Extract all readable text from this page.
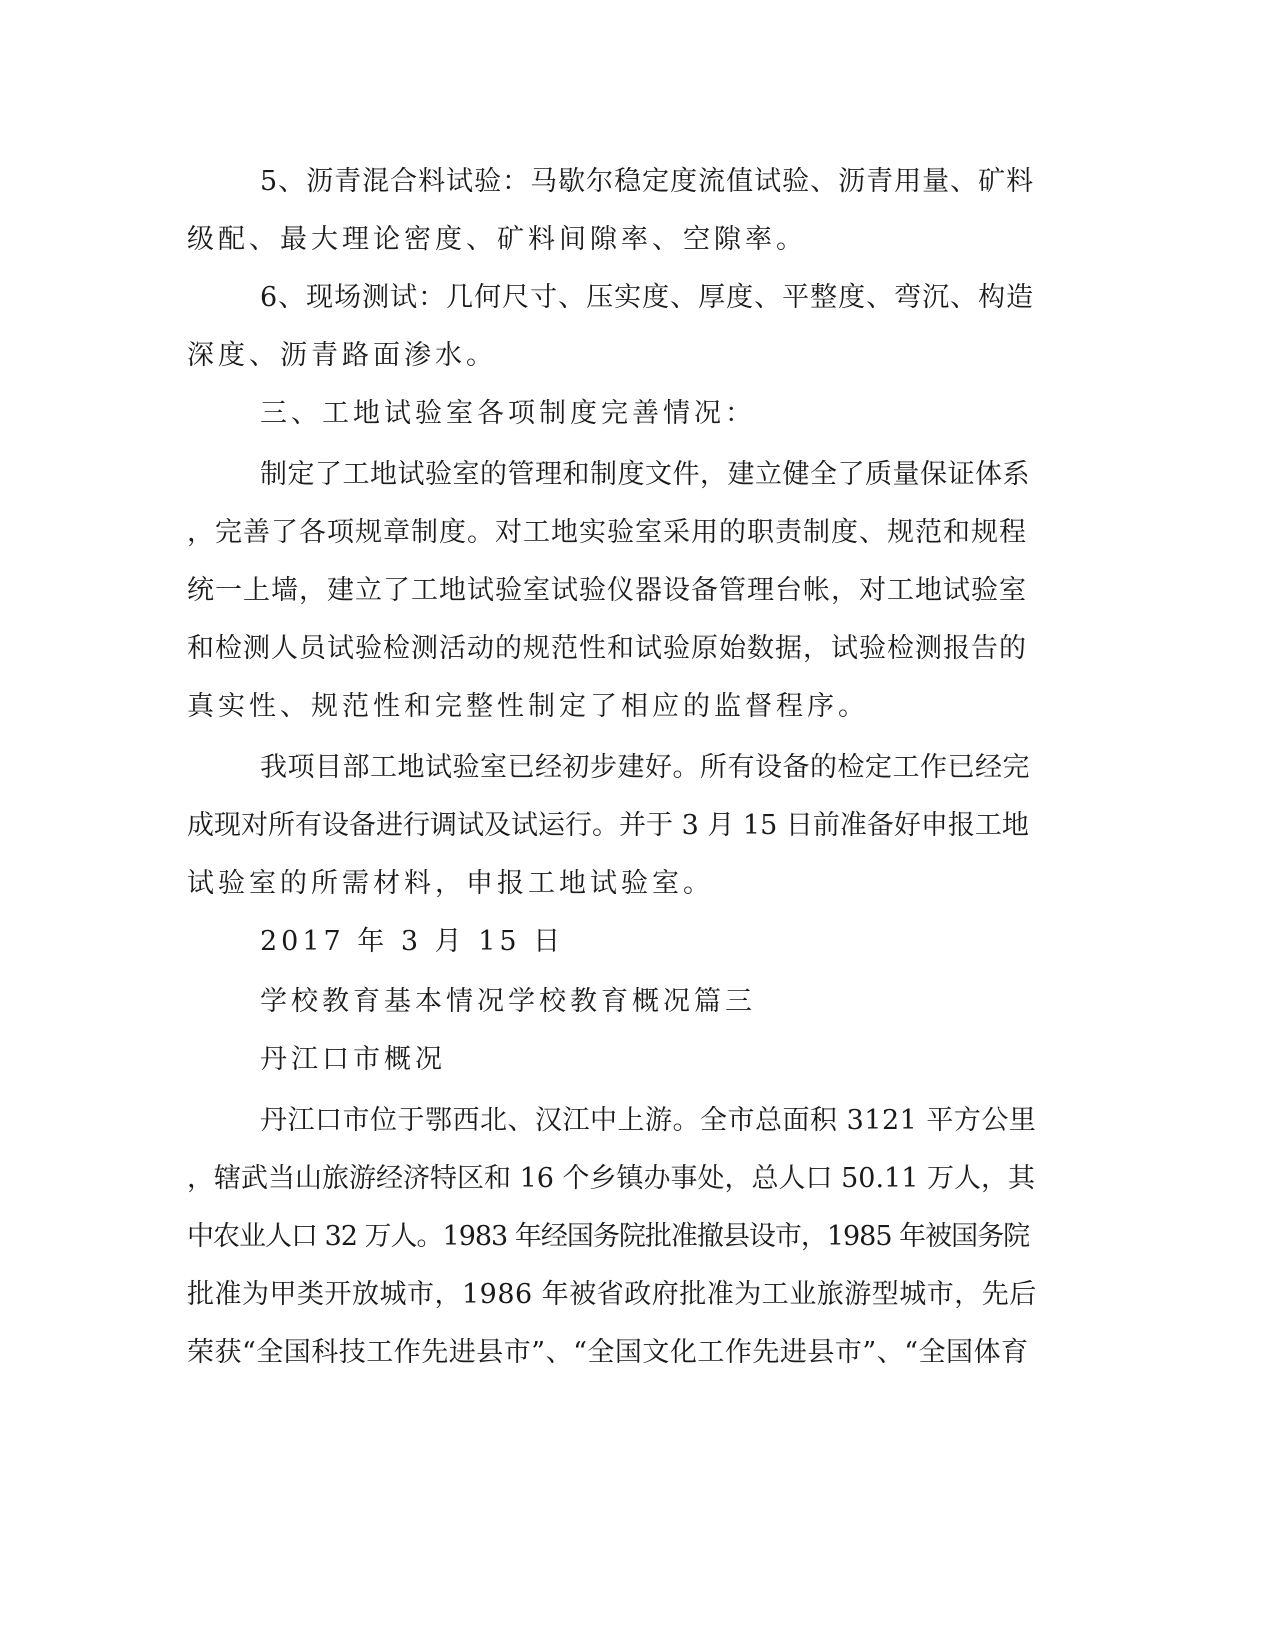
5、沥青混合料试验：马歇尔稳定度流值试验、沥青用量、矿料
级配、最大理论密度、矿料间隙率、空隙率。
6、现场测试：几何尺寸、压实度、厚度、平整度、弯沉、构造
深度、沥青路面渗水。
三、工地试验室各项制度完善情况：
制定了工地试验室的管理和制度文件，建立健全了质量保证体系
，完善了各项规章制度。对工地实验室采用的职责制度、规范和规程
统一上墙，建立了工地试验室试验仪器设备管理台帐，对工地试验室
和检测人员试验检测活动的规范性和试验原始数据，试验检测报告的
真实性、规范性和完整性制定了相应的监督程序。
我项目部工地试验室已经初步建好。所有设备的检定工作已经完
成现对所有设备进行调试及试运行。并于 3 月 15 日前准备好申报工地
试验室的所需材料，申报工地试验室。
2017 年 3 月 15 日
学校教育基本情况学校教育概况篇三
丹江口市概况
丹江口市位于鄂西北、汉江中上游。全市总面积 3121 平方公里
，辖武当山旅游经济特区和 16 个乡镇办事处，总人口 50.11 万人，其
中农业人口 32 万人。1983 年经国务院批准撤县设市，1985 年被国务院
批准为甲类开放城市，1986 年被省政府批准为工业旅游型城市，先后
荣获“全国科技工作先进县市”、“全国文化工作先进县市”、“全国体育
